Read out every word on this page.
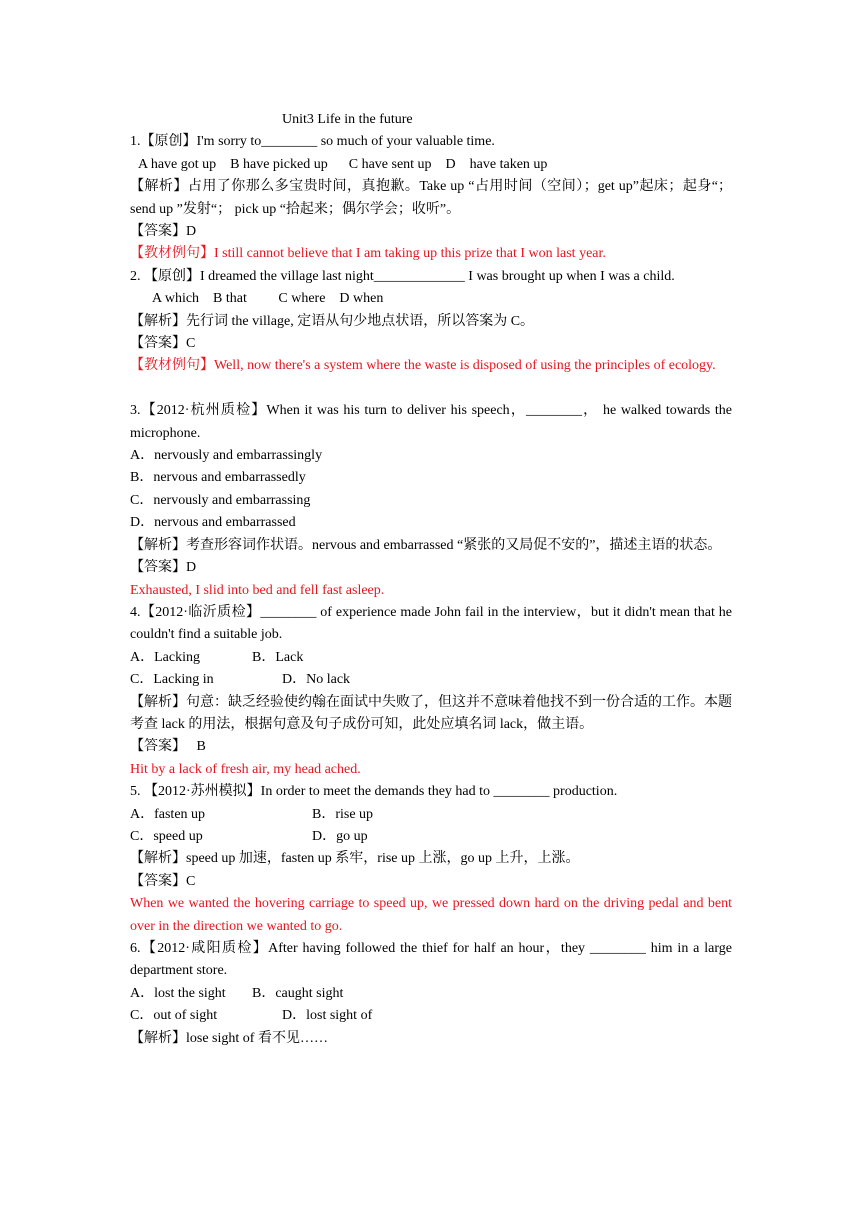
Unit3 Life in the future
1.【原创】I'm sorry to________ so much of your valuable time.
A have got up    B have picked up      C have sent up    D    have taken up
【解析】占用了你那么多宝贵时间，真抱歉。Take up “占用时间（空间）；get up”起床；起身“； send up ”发射“； pick up “拾起来；偶尔学会；收听”。
【答案】D
【教材例句】I still cannot believe that I am taking up this prize that I won last year.
2. 【原创】I dreamed the village last night_____________ I was brought up when I was a child.
A which    B that         C where    D when
【解析】先行词 the village, 定语从句少地点状语，所以答案为 C。
【答案】C
【教材例句】Well, now there's a system where the waste is disposed of using the principles of ecology.
3.【2012·杭州质检】When it was his turn to deliver his speech，________， he walked towards the microphone.
A．nervously and embarrassingly
B．nervous and embarrassedly
C．nervously and embarrassing
D．nervous and embarrassed
【解析】考查形容词作状语。nervous and embarrassed “紧张的又局促不安的”，描述主语的状态。
【答案】D
Exhausted, I slid into bed and fell fast asleep.
4.【2012·临沂质检】________ of experience made John fail in the interview，but it didn't mean that he couldn't find a suitable job.
A．Lacking	B．Lack
C．Lacking in	D．No lack
【解析】句意：缺乏经验使约翰在面试中失败了，但这并不意味着他找不到一份合适的工作。本题考查 lack 的用法，根据句意及句子成份可知，此处应填名词 lack，做主语。
【答案】   B
Hit by a lack of fresh air, my head ached.
5. 【2012·苏州模拟】In order to meet the demands they had to ________ production.
A．fasten up	B．rise up
C．speed up	D．go up
【解析】speed up 加速，fasten up 系牢，rise up 上涨，go up 上升，上涨。
【答案】C
When we wanted the hovering carriage to speed up, we pressed down hard on the driving pedal and bent over in the direction we wanted to go.
6.【2012·咸阳质检】After having followed the thief for half an hour，they ________ him in a large department store.
A．lost the sight B．caught sight
C．out of sight	D．lost sight of
【解析】lose sight of 看不见……
